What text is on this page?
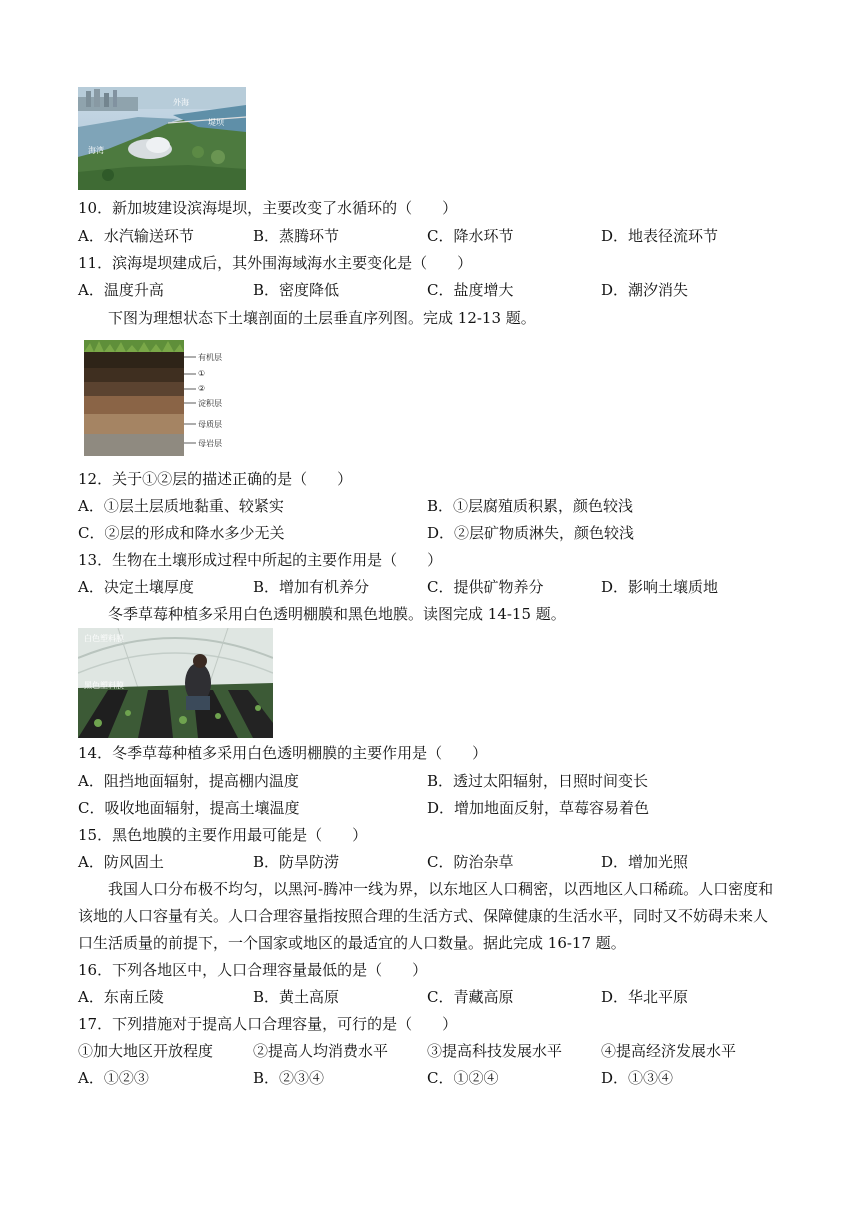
外海
堤坝
海湾
10．新加坡建设滨海堤坝，主要改变了水循环的（　　）
A．水汽输送环节	B．蒸腾环节	C．降水环节	D．地表径流环节
11．滨海堤坝建成后，其外围海域海水主要变化是（　　）
A．温度升高	B．密度降低	C．盐度增大	D．潮汐消失
下图为理想状态下土壤剖面的土层垂直序列图。完成 12-13 题。
有机层
①
②
淀积层
母质层
母岩层
12．关于①②层的描述正确的是（　　）
A．①层土层质地黏重、较紧实	B．①层腐殖质积累，颜色较浅
C．②层的形成和降水多少无关	D．②层矿物质淋失，颜色较浅
13．生物在土壤形成过程中所起的主要作用是（　　）
A．决定土壤厚度	B．增加有机养分	C．提供矿物养分	D．影响土壤质地
冬季草莓种植多采用白色透明棚膜和黑色地膜。读图完成 14-15 题。
白色塑料膜
黑色塑料膜
14．冬季草莓种植多采用白色透明棚膜的主要作用是（　　）
A．阻挡地面辐射，提高棚内温度	B．透过太阳辐射，日照时间变长
C．吸收地面辐射，提高土壤温度	D．增加地面反射，草莓容易着色
15．黑色地膜的主要作用最可能是（　　）
A．防风固土	B．防旱防涝	C．防治杂草	D．增加光照
我国人口分布极不均匀，以黑河-腾冲一线为界，以东地区人口稠密，以西地区人口稀疏。人口密度和
该地的人口容量有关。人口合理容量指按照合理的生活方式、保障健康的生活水平，同时又不妨碍未来人
口生活质量的前提下，一个国家或地区的最适宜的人口数量。据此完成 16-17 题。
16．下列各地区中，人口合理容量最低的是（　　）
A．东南丘陵	B．黄土高原	C．青藏高原	D．华北平原
17．下列措施对于提高人口合理容量，可行的是（　　）
①加大地区开放程度	②提高人均消费水平	③提高科技发展水平	④提高经济发展水平
A．①②③	B．②③④	C．①②④	D．①③④
